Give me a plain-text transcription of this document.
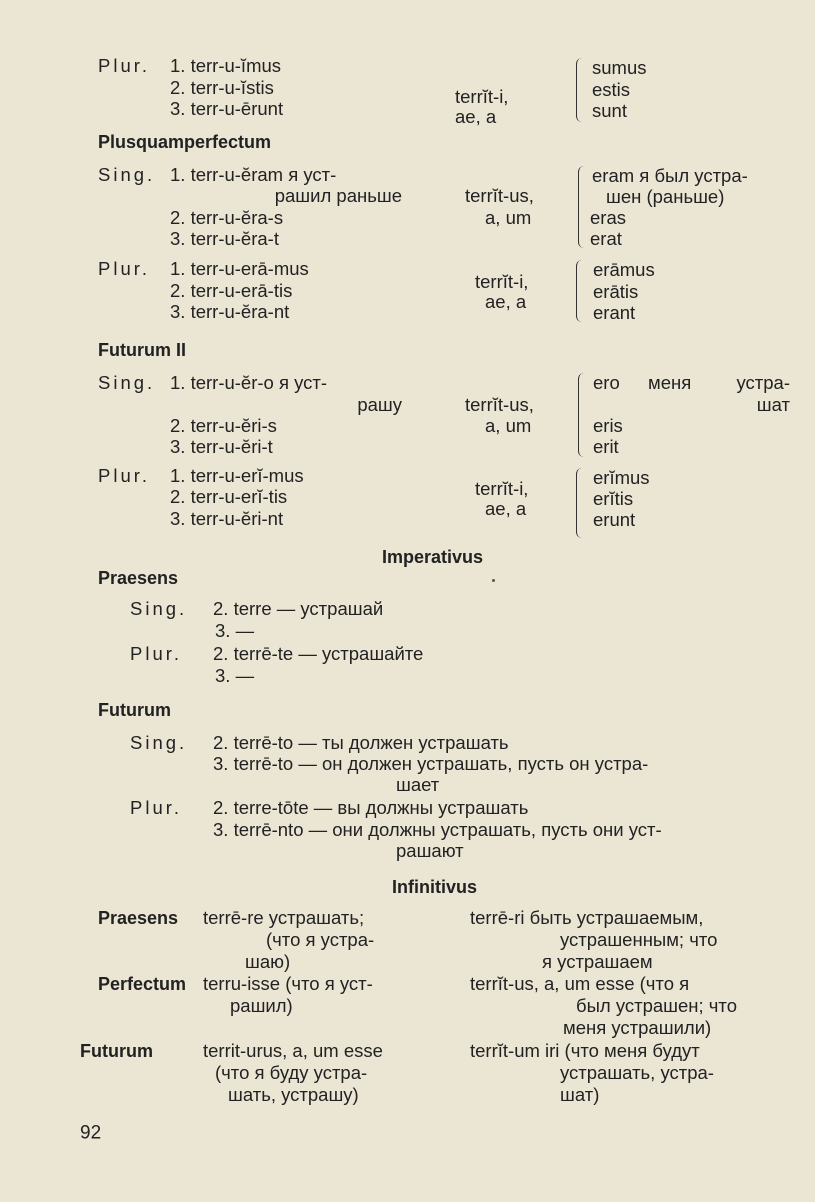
Plur. 1. terr-u-ĭmus
2. terr-u-ĭstis
3. terr-u-ērunt
terrĭt-i,
ae, a
sumus
estis
sunt
Plusquamperfectum
Sing. 1. terr-u-ĕram я уст-
рашил раньше
2. terr-u-ĕra-s
3. terr-u-ĕra-t
terrĭt-us,
a, um
eram я был устра-
шен (раньше)
eras
erat
Plur. 1. terr-u-erā-mus
2. terr-u-erā-tis
3. terr-u-ĕra-nt
terrĭt-i,
ae, a
erāmus
erātis
erant
Futurum II
Sing. 1. terr-u-ĕr-o я уст-
рашу
2. terr-u-ĕri-s
3. terr-u-ĕri-t
terrĭt-us,
a, um
ero меня устра-
шат
eris
erit
Plur. 1. terr-u-erĭ-mus
2. terr-u-erĭ-tis
3. terr-u-ĕri-nt
terrĭt-i,
ae, a
erĭmus
erĭtis
erunt
Imperativus
Praesens
Sing. 2. terre — устрашай
3. —
Plur. 2. terrē-te — устрашайте
3. —
Futurum
Sing. 2. terrē-to — ты должен устрашать
3. terrē-to — он должен устрашать, пусть он устра-
шает
Plur. 2. terre-tōte — вы должны устрашать
3. terrē-nto — они должны устрашать, пусть они уст-
рашают
Infinitivus
Praesens terrē-re устрашать;
(что я устра-
шаю)
terrē-ri быть устрашаемым,
устрашенным; что
я устрашаем
Perfectum terru-isse (что я уст-
рашил)
terrĭt-us, a, um esse (что я
был устрашен; что
меня устрашили)
Futurum	territ-urus, a, um esse
(что я буду устра-
шать, устрашу)
terrĭt-um iri (что меня будут
устрашать, устра-
шат)
92
